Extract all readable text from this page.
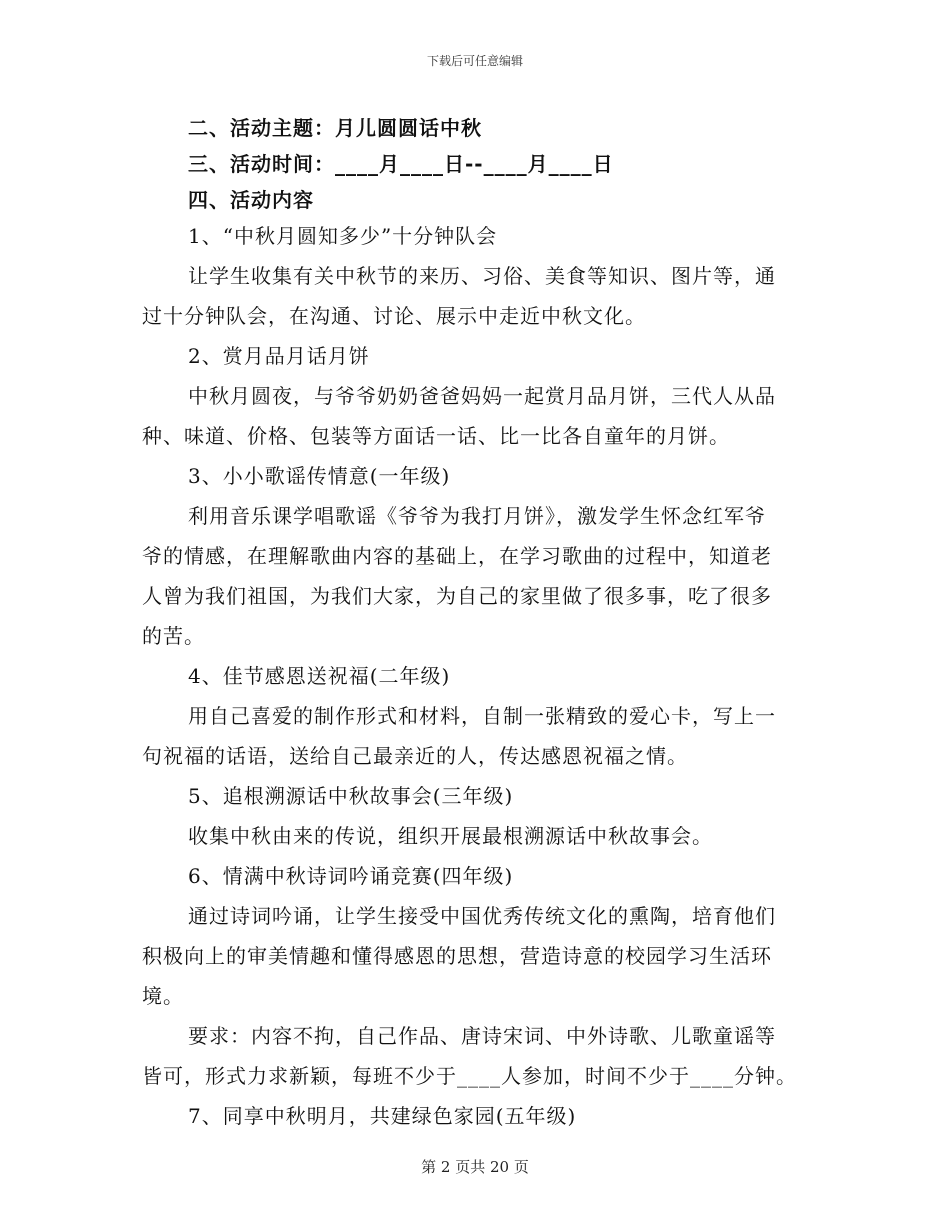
下载后可任意编辑
二、活动主题：月儿圆圆话中秋
三、活动时间：____月____日--____月____日
四、活动内容
1、“中秋月圆知多少”十分钟队会
让学生收集有关中秋节的来历、习俗、美食等知识、图片等，通
过十分钟队会，在沟通、讨论、展示中走近中秋文化。
2、赏月品月话月饼
中秋月圆夜，与爷爷奶奶爸爸妈妈一起赏月品月饼，三代人从品
种、味道、价格、包装等方面话一话、比一比各自童年的月饼。
3、小小歌谣传情意(一年级)
利用音乐课学唱歌谣《爷爷为我打月饼》，激发学生怀念红军爷
爷的情感，在理解歌曲内容的基础上，在学习歌曲的过程中，知道老
人曾为我们祖国，为我们大家，为自己的家里做了很多事，吃了很多
的苦。
4、佳节感恩送祝福(二年级)
用自己喜爱的制作形式和材料，自制一张精致的爱心卡，写上一
句祝福的话语，送给自己最亲近的人，传达感恩祝福之情。
5、追根溯源话中秋故事会(三年级)
收集中秋由来的传说，组织开展最根溯源话中秋故事会。
6、情满中秋诗词吟诵竞赛(四年级)
通过诗词吟诵，让学生接受中国优秀传统文化的熏陶，培育他们
积极向上的审美情趣和懂得感恩的思想，营造诗意的校园学习生活环
境。
要求：内容不拘，自己作品、唐诗宋词、中外诗歌、儿歌童谣等
皆可，形式力求新颖，每班不少于____人参加，时间不少于____分钟。
7、同享中秋明月，共建绿色家园(五年级)
第 2 页共 20 页
